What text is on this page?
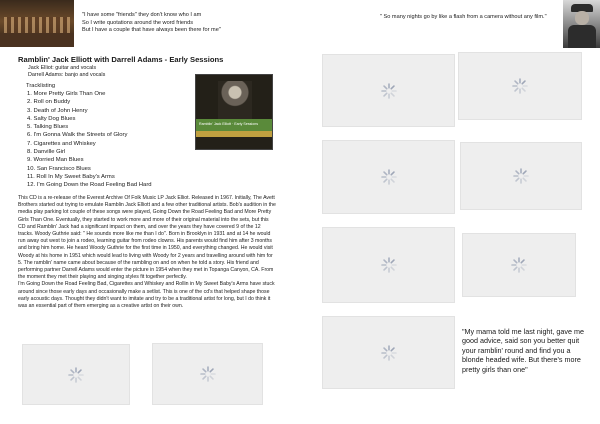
"I have some "friends" they don't know who I am
So I write quotations around the word friends
But I have a couple that have always been there for me"

" So many nights go by like a flash from a camera without any film."

Ramblin' Jack Elliott with Darrell Adams - Early Sessions
Jack Elliot: guitar and vocals
Darrell Adams: banjo and vocals
Tracklisting
1. More Pretty Girls Than One
2. Roll on Buddy
3. Death of John Henry
4. Salty Dog Blues
5. Talking Blues
6. I'm Gonna Walk the Streets of Glory
7. Cigarettes and Whiskey
8. Danville Girl
9. Worried Man Blues
10. San Francisco Blues
11. Roll In My Sweet Baby's Arms
12. I'm Going Down the Road Feeling Bad Hard
Ramblin' Jack Elliott · Early Sessions

This CD is a re-release of the Everest Archive Of Folk Music LP Jack Elliot. Released in 1967. Initially, The Avett Brothers started out trying to emulate Ramblin Jack Elliott and a few other traditional artists. Bob's audition in the media play parking lot couple of these songs were played, Going Down the Road Feeling Bad and More Pretty Girls Than One. Eventually, they started to work more and more of their original material into the sets, but this CD and Ramblin' Jack had a significant impact on them, and over the years they have covered 9 of the 12 tracks. Woody Guthrie said: " He sounds more like me than I do". Born in Brooklyn in 1931 and at 14 he would run away out west to join a rodeo, learning guitar from rodeo clowns. His parents would find him after 3 months and bring him home. He heard Woody Guthrie for the first time in 1950, and everything changed. He would visit Woody at his home in 1951 which would lead to living with Woody for 2 years and travelling around with him for 5. The ramblin' name came about because of the rambling on and on when he told a story. His friend and performing partner Darrell Adams would enter the picture in 1954 when they met in Topanga Canyon, CA. From the moment they met their playing and singing styles fit together perfectly.

I'm Going Down the Road Feeling Bad, Cigarettes and Whiskey and Rollin in My Sweet Baby's Arms have stuck around since those early days and occasionally make a setlist. This is one of the cd's that helped shape those early acoustic days. Thought they didn't want to imitate and try to be a traditional artist for long, but I do think it was an essential part of them emerging as a creative artist on their own.

"My mama told me last night, gave me good advice, said son you better quit your ramblin' round and find you a blonde headed wife. But there's more pretty girls than one"
